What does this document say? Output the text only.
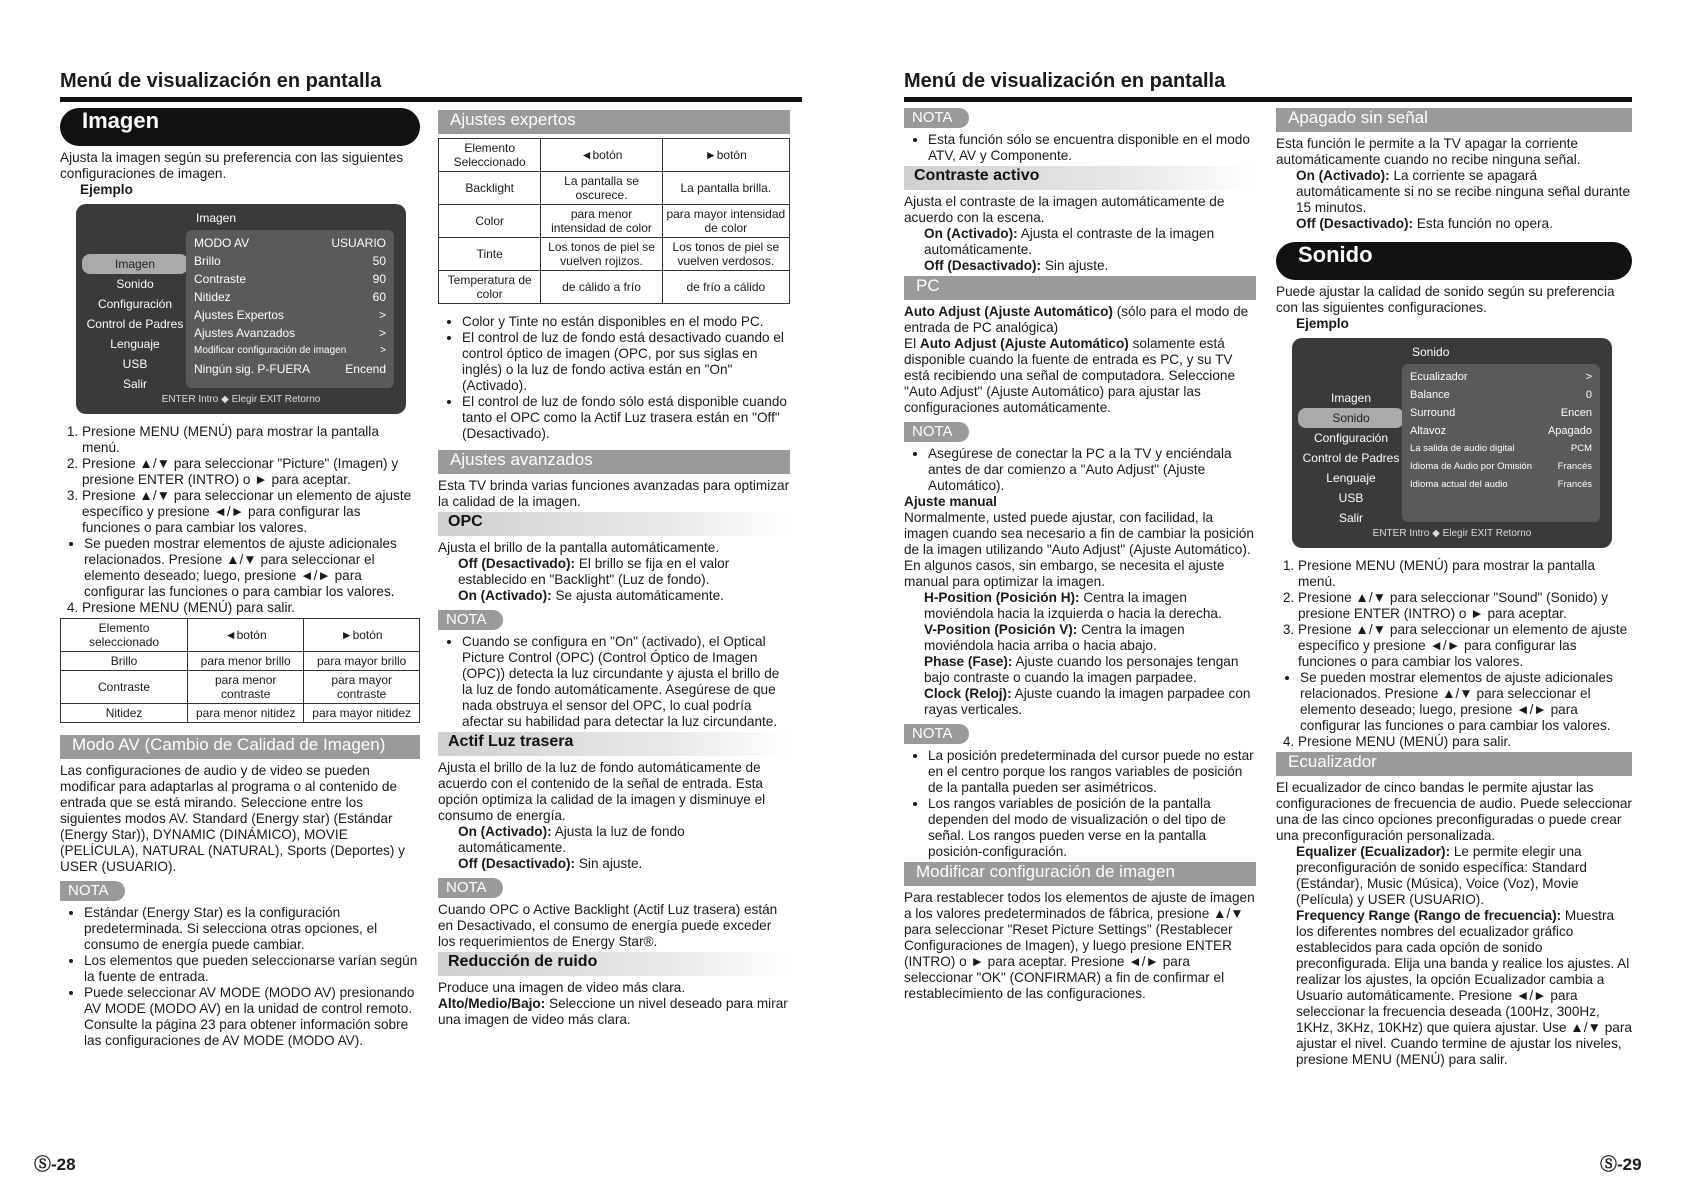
Menú de visualización en pantalla	Menú de visualización en pantalla
Imagen

Ajusta la imagen según su preferencia con las siguientes configuraciones de imagen.

Ejemplo

Imagen
Imagen
Sonido
Configuración
Control de Padres
Lenguaje
USB
Salir
MODO AV	USUARIO
Brillo	50
Contraste	90
Nitidez	60
Ajustes Expertos	>
Ajustes Avanzados	>
Modificar configuración de imagen	>
Ningún sig. P-FUERA	Encend
ENTER Intro ◆ Elegir EXIT Retorno
1. Presione MENU (MENÚ) para mostrar la pantalla menú.
2. Presione ▲/▼ para seleccionar "Picture" (Imagen) y presione ENTER (INTRO) o ► para aceptar.
3. Presione ▲/▼ para seleccionar un elemento de ajuste específico y presione ◄/► para configurar las funciones o para cambiar los valores.
• Se pueden mostrar elementos de ajuste adicionales relacionados. Presione ▲/▼ para seleccionar el elemento deseado; luego, presione ◄/► para configurar las funciones o para cambiar los valores.
4. Presione MENU (MENÚ) para salir.
Elemento seleccionado	◄botón	►botón
Brillo	para menor brillo	para mayor brillo
Contraste	para menor contraste	para mayor contraste
Nitidez	para menor nitidez	para mayor nitidez
Modo AV (Cambio de Calidad de Imagen)

Las configuraciones de audio y de video se pueden modificar para adaptarlas al programa o al contenido de entrada que se está mirando. Seleccione entre los siguientes modos AV. Standard (Energy star) (Estándar (Energy Star)), DYNAMIC (DINÁMICO), MOVIE (PELÍCULA), NATURAL (NATURAL), Sports (Deportes) y USER (USUARIO).

NOTA
• Estándar (Energy Star) es la configuración predeterminada. Si selecciona otras opciones, el consumo de energía puede cambiar.
• Los elementos que pueden seleccionarse varían según la fuente de entrada.
• Puede seleccionar AV MODE (MODO AV) presionando AV MODE (MODO AV) en la unidad de control remoto. Consulte la página 23 para obtener información sobre las configuraciones de AV MODE (MODO AV).
Ajustes expertos
Elemento Seleccionado	◄botón	►botón
Backlight	La pantalla se oscurece.	La pantalla brilla.
Color	para menor intensidad de color	para mayor intensidad de color
Tinte	Los tonos de piel se vuelven rojizos.	Los tonos de piel se vuelven verdosos.
Temperatura de color	de cálido a frío	de frío a cálido
• Color y Tinte no están disponibles en el modo PC.
• El control de luz de fondo está desactivado cuando el control óptico de imagen (OPC, por sus siglas en inglés) o la luz de fondo activa están en "On" (Activado).
• El control de luz de fondo sólo está disponible cuando tanto el OPC como la Actif Luz trasera están en "Off" (Desactivado).
Ajustes avanzados

Esta TV brinda varias funciones avanzadas para optimizar la calidad de la imagen.

OPC

Ajusta el brillo de la pantalla automáticamente.

Off (Desactivado): El brillo se fija en el valor establecido en "Backlight" (Luz de fondo).

On (Activado): Se ajusta automáticamente.

NOTA
• Cuando se configura en "On" (activado), el Optical Picture Control (OPC) (Control Óptico de Imagen (OPC)) detecta la luz circundante y ajusta el brillo de la luz de fondo automáticamente. Asegúrese de que nada obstruya el sensor del OPC, lo cual podría afectar su habilidad para detectar la luz circundante.
Actif Luz trasera

Ajusta el brillo de la luz de fondo automáticamente de acuerdo con el contenido de la señal de entrada. Esta opción optimiza la calidad de la imagen y disminuye el consumo de energía.

On (Activado): Ajusta la luz de fondo automáticamente.

Off (Desactivado): Sin ajuste.

NOTA

Cuando OPC o Active Backlight (Actif Luz trasera) están en Desactivado, el consumo de energía puede exceder los requerimientos de Energy Star®.

Reducción de ruido

Produce una imagen de video más clara.

Alto/Medio/Bajo: Seleccione un nivel deseado para mirar una imagen de video más clara.

NOTA
• Esta función sólo se encuentra disponible en el modo ATV, AV y Componente.
Contraste activo

Ajusta el contraste de la imagen automáticamente de acuerdo con la escena.

On (Activado): Ajusta el contraste de la imagen automáticamente.

Off (Desactivado): Sin ajuste.

PC

Auto Adjust (Ajuste Automático) (sólo para el modo de entrada de PC analógica)

El Auto Adjust (Ajuste Automático) solamente está disponible cuando la fuente de entrada es PC, y su TV está recibiendo una señal de computadora. Seleccione "Auto Adjust" (Ajuste Automático) para ajustar las configuraciones automáticamente.

NOTA
• Asegúrese de conectar la PC a la TV y enciéndala antes de dar comienzo a "Auto Adjust" (Ajuste Automático).

Ajuste manual

Normalmente, usted puede ajustar, con facilidad, la imagen cuando sea necesario a fin de cambiar la posición de la imagen utilizando "Auto Adjust" (Ajuste Automático). En algunos casos, sin embargo, se necesita el ajuste manual para optimizar la imagen.

H-Position (Posición H): Centra la imagen moviéndola hacia la izquierda o hacia la derecha.

V-Position (Posición V): Centra la imagen moviéndola hacia arriba o hacia abajo.

Phase (Fase): Ajuste cuando los personajes tengan bajo contraste o cuando la imagen parpadee.

Clock (Reloj): Ajuste cuando la imagen parpadee con rayas verticales.

NOTA
• La posición predeterminada del cursor puede no estar en el centro porque los rangos variables de posición de la pantalla pueden ser asimétricos.
• Los rangos variables de posición de la pantalla dependen del modo de visualización o del tipo de señal. Los rangos pueden verse en la pantalla posición-configuración.
Modificar configuración de imagen

Para restablecer todos los elementos de ajuste de imagen a los valores predeterminados de fábrica, presione ▲/▼ para seleccionar "Reset Picture Settings" (Restablecer Configuraciones de Imagen), y luego presione ENTER (INTRO) o ► para aceptar. Presione ◄/► para seleccionar "OK" (CONFIRMAR) a fin de confirmar el restablecimiento de las configuraciones.

Apagado sin señal

Esta función le permite a la TV apagar la corriente automáticamente cuando no recibe ninguna señal.

On (Activado): La corriente se apagará automáticamente si no se recibe ninguna señal durante 15 minutos.

Off (Desactivado): Esta función no opera.

Sonido

Puede ajustar la calidad de sonido según su preferencia con las siguientes configuraciones.

Ejemplo

Sonido
Imagen
Sonido
Configuración
Control de Padres
Lenguaje
USB
Salir
Ecualizador	>
Balance	0
Surround	Encen
Altavoz	Apagado
La salida de audio digital	PCM
Idioma de Audio por Omisión	Francés
Idioma actual del audio	Francés
ENTER Intro ◆ Elegir EXIT Retorno
1. Presione MENU (MENÚ) para mostrar la pantalla menú.
2. Presione ▲/▼ para seleccionar "Sound" (Sonido) y presione ENTER (INTRO) o ► para aceptar.
3. Presione ▲/▼ para seleccionar un elemento de ajuste específico y presione ◄/► para configurar las funciones o para cambiar los valores.
• Se pueden mostrar elementos de ajuste adicionales relacionados. Presione ▲/▼ para seleccionar el elemento deseado; luego, presione ◄/► para configurar las funciones o para cambiar los valores.
4. Presione MENU (MENÚ) para salir.
Ecualizador

El ecualizador de cinco bandas le permite ajustar las configuraciones de frecuencia de audio. Puede seleccionar una de las cinco opciones preconfiguradas o puede crear una preconfiguración personalizada.

Equalizer (Ecualizador): Le permite elegir una preconfiguración de sonido específica: Standard (Estándar), Music (Música), Voice (Voz), Movie (Película) y USER (USUARIO).

Frequency Range (Rango de frecuencia): Muestra los diferentes nombres del ecualizador gráfico establecidos para cada opción de sonido preconfigurada. Elija una banda y realice los ajustes. Al realizar los ajustes, la opción Ecualizador cambia a Usuario automáticamente. Presione ◄/► para seleccionar la frecuencia deseada (100Hz, 300Hz, 1KHz, 3KHz, 10KHz) que quiera ajustar. Use ▲/▼ para ajustar el nivel. Cuando termine de ajustar los niveles, presione MENU (MENÚ) para salir.

Ⓢ-28	Ⓢ-29
